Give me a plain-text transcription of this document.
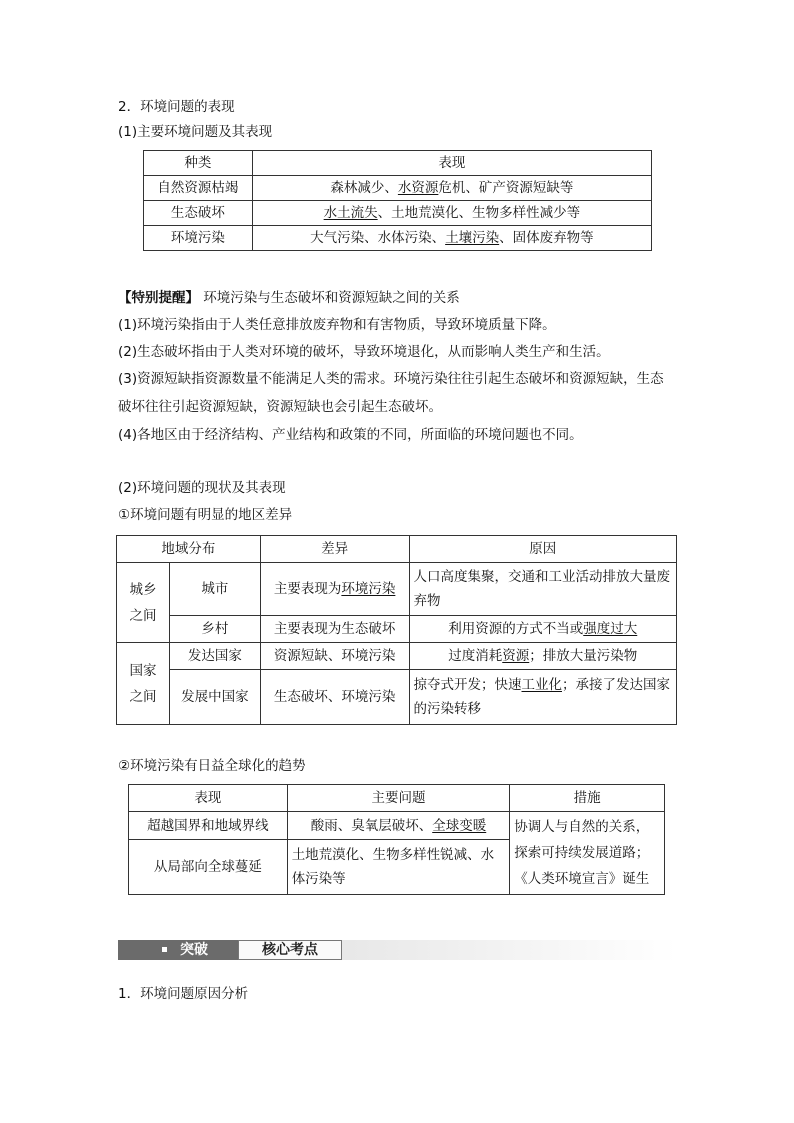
2．环境问题的表现
(1)主要环境问题及其表现
种类	表现
自然资源枯竭	森林减少、水资源危机、矿产资源短缺等
生态破坏	水土流失、土地荒漠化、生物多样性减少等
环境污染	大气污染、水体污染、土壤污染、固体废弃物等
【特别提醒】 环境污染与生态破坏和资源短缺之间的关系
(1)环境污染指由于人类任意排放废弃物和有害物质，导致环境质量下降。
(2)生态破坏指由于人类对环境的破坏，导致环境退化，从而影响人类生产和生活。
(3)资源短缺指资源数量不能满足人类的需求。环境污染往往引起生态破坏和资源短缺，生态
破坏往往引起资源短缺，资源短缺也会引起生态破坏。
(4)各地区由于经济结构、产业结构和政策的不同，所面临的环境问题也不同。
(2)环境问题的现状及其表现
①环境问题有明显的地区差异
地域分布		差异	原因
城乡
之间	城市	主要表现为环境污染	人口高度集聚，交通和工业活动排放大量废弃物
	乡村	主要表现为生态破坏	利用资源的方式不当或强度过大
国家
之间	发达国家	资源短缺、环境污染	过度消耗资源；排放大量污染物
	发展中国家	生态破坏、环境污染	掠夺式开发；快速工业化；承接了发达国家的污染转移
②环境污染有日益全球化的趋势
表现	主要问题	措施
超越国界和地域界线	酸雨、臭氧层破坏、全球变暖	协调人与自然的关系，探索可持续发展道路；《人类环境宣言》诞生
从局部向全球蔓延	土地荒漠化、生物多样性锐减、水体污染等	
突破	核心考点
1．环境问题原因分析
